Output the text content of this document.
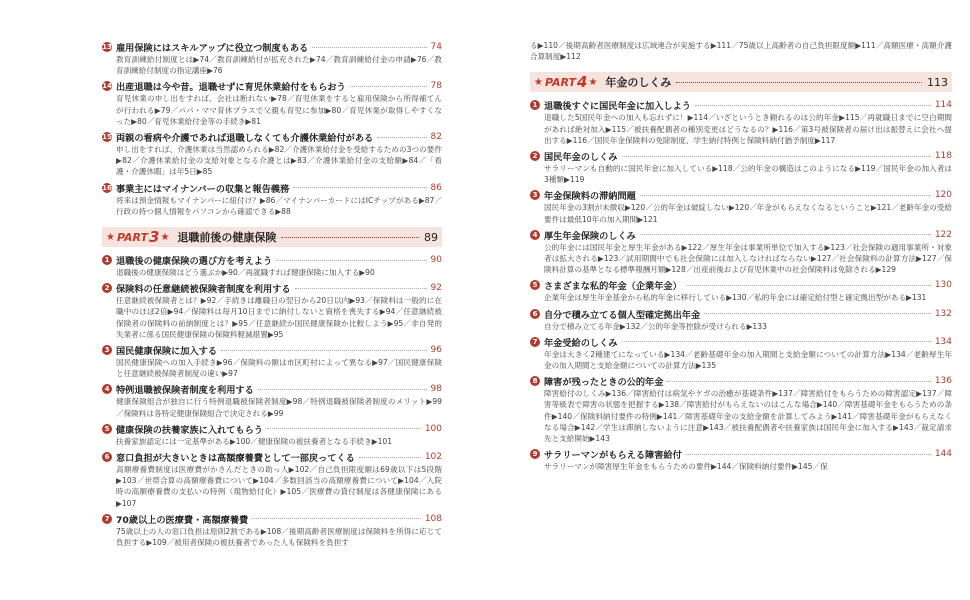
13 雇用保険にはスキルアップに役立つ制度もある	74
教育訓練給付制度とは▶74／教育訓練給付が拡充された▶74／教育訓練給付金の申請▶76／教育訓練給付制度の指定講座▶76
14 出産退職は今や昔。退職せずに育児休業給付をもらおう	78
育児休業の申し出をすれば、会社は断れない▶78／育児休業をすると雇用保険から所得補てんが行われる▶79／パパ・ママ育休プラスで父親も育児に参加▶80／育児休業が取得しやすくなった▶80／育児休業給付金等の手続き▶81
15 両親の看病や介護であれば退職しなくても介護休業給付がある	82
申し出をすれば、介護休業は当然認められる▶82／介護休業給付金を受給するための3つの要件▶82／介護休業給付金の支給対象となる介護とは▶83／介護休業給付金の支給額▶84／「看護・介護休暇」は年5日▶85
16 事業主にはマイナンバーの収集と報告義務	86
将来は預金情報もマイナンバーに紐付け？▶86／マイナンバーカードにはICチップがある▶87／行政の持つ個人情報をパソコンから確認できる▶88
★ PART 3 ★ 退職前後の健康保険	89
1 退職後の健康保険の選び方を考えよう	90
退職後の健康保険はどう選ぶか▶90／再就職すれば健康保険に加入する▶90
2 保険料の任意継続被保険者制度を利用する	92
任意継続被保険者とは？▶92／手続きは離職日の翌日から20日以内▶93／保険料は一般的に在職中のほぼ2倍▶94／保険料は毎月10日までに納付しないと資格を喪失する▶94／任意継続被保険者の保険料の前納制度とは？▶95／任意継続か国民健康保険か比較しよう▶95／非自発的失業者に係る国民健康保険の保険料軽減措置▶95
3 国民健康保険に加入する	96
国民健康保険への加入手続き▶96／保険料の額は市区町村によって異なる▶97／国民健康保険と任意継続被保険者制度の違い▶97
4 特例退職被保険者制度を利用する	98
健康保険組合が独自に行う特例退職被保険者制度▶98／特例退職被保険者制度のメリット▶99／保険料は各特定健康保険組合で決定される▶99
5 健康保険の扶養家族に入れてもらう	100
扶養家族認定には一定基準がある▶100／健康保険の被扶養者となる手続き▶101
6 窓口負担が大きいときは高額療養費として一部戻ってくる	102
高額療養費制度は医療費がかさんだときの助っ人▶102／自己負担限度額は69歳以下は5段階▶103／世帯合算の高額療養費について▶104／多数回該当の高額療養費について▶104／入院時の高額療養費の支払いの特例（現物給付化）▶105／医療費の貸付制度は各健康保険にある▶107
7 70歳以上の医療費・高額療養費	108
75歳以上の人の窓口負担は原則2割である▶108／後期高齢者医療制度は保険料を所得に応じて負担する▶109／被用者保険の被扶養者であった人も保険料を負担す
る▶110／後期高齢者医療制度は広域連合が実施する▶111／75歳以上高齢者の自己負担限度額▶111／高額医療・高額介護合算制度▶112
★ PART 4 ★ 年金のしくみ	113
1 退職後すぐに国民年金に加入しよう	114
退職した5国民年金への加入も忘れずに！▶114／いざというとき頼れるのは公的年金▶115／再就職日までに空白期間があれば絶対加入▶115／被扶養配偶者の種別変更はどうなるの？▶116／第3号被保険者の届け出は振替えに会社へ提出する▶116／国民年金保険料の免除制度、学生納付特例と保険料納付猶予制度▶117
2 国民年金のしくみ	118
サラリーマンも自動的に国民年金に加入している▶118／公的年金の構造はこのようになる▶119／国民年金の加入者は3種類▶119
3 年金保険料の滞納問題	120
国民年金の3割が未徴収▶120／公的年金は破綻しない▶120／年金がもらえなくなるということ▶121／老齢年金の受給要件は最低10年の加入期間▶121
4 厚生年金保険のしくみ	122
公的年金には国民年金と厚生年金がある▶122／厚生年金は事業所単位で加入する▶123／社会保険の適用事業所・対象者は拡大される▶123／試用期間中でも社会保険には加入しなければならない▶127／社会保険料の計算方法▶127／保険料計算の基準となる標準報酬月額▶128／出産前後および育児休業中の社会保険料は免除される▶129
5 さまざまな私的年金（企業年金）	130
企業年金は厚生年金基金から私的年金に移行している▶130／私的年金には確定給付型と確定拠出型がある▶131
6 自分で積み立てる個人型確定拠出年金	132
自分で積み立てる年金▶132／公的年金等控除が受けられる▶133
7 年金受給のしくみ	134
年金は大きく2種建てになっている▶134／老齢基礎年金の加入期間と支給金額についての計算方法▶134／老齢厚生年金の加入期間と支給金額についての計算方法▶135
8 障害が残ったときの公的年金	136
障害給付のしくみ▶136／障害給付は病気やケガの治癒が基礎条件▶137／障害給付をもらうための障害認定▶137／障害等級表で障害の状態を把握する▶138／障害給付がもらえないのはこんな場合▶140／障害基礎年金をもらうための条件▶140／保険料納付要件の特例▶141／障害基礎年金の支給金額を計算してみよう▶141／障害基礎年金がもらえなくなる場合▶142／学生は滞納しないように注意▶143／被扶養配偶者や扶養家族は国民年金に加入する▶143／裁定請求先と支給開始▶143
9 サラリーマンがもらえる障害給付	144
サラリーマンが障害厚生年金をもらうための要件▶144／保険料納付要件▶145／保
